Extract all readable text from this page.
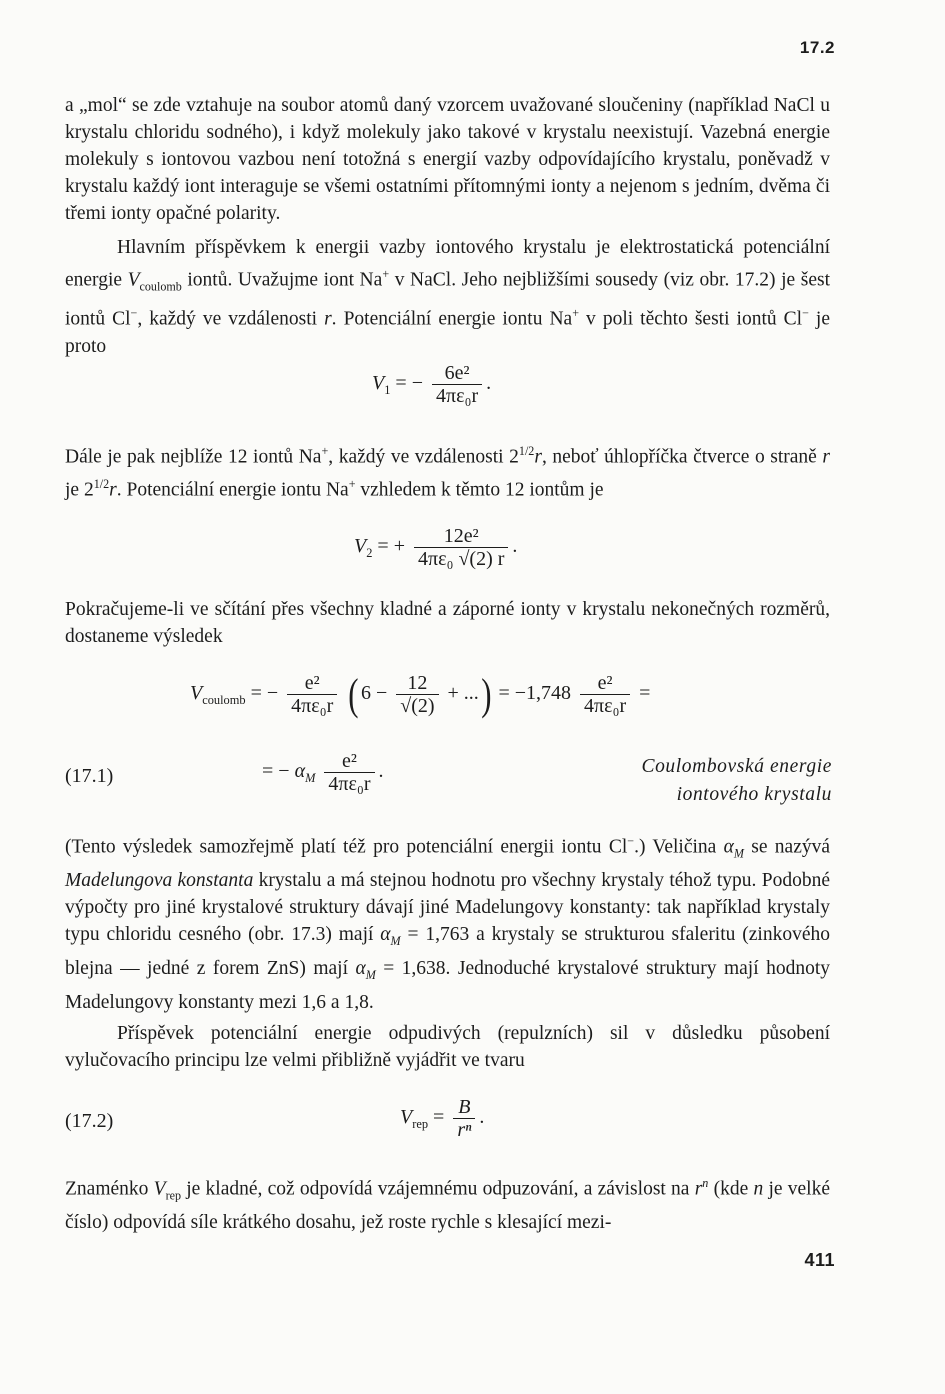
17.2
a „mol“ se zde vztahuje na soubor atomů daný vzorcem uvažované sloučeniny (například NaCl u krystalu chloridu sodného), i když molekuly jako takové v krystalu neexistují. Vazebná energie molekuly s iontovou vazbou není totožná s energií vazby odpovídajícího krystalu, poněvadž v krystalu každý iont interaguje se všemi ostatními přítomnými ionty a nejenom s jedním, dvěma či třemi ionty opačné polarity.
Hlavním příspěvkem k energii vazby iontového krystalu je elektrostatická potenciální energie $V_{coulomb}$ iontů. Uvažujme iont Na+ v NaCl. Jeho nejbližšími sousedy (viz obr. 17.2) je šest iontů Cl−, každý ve vzdálenosti r. Potenciální energie iontu Na+ v poli těchto šesti iontů Cl− je proto
$V_1$ = − $\frac{\text{6e²}}{\text{4πε₀r}}$ .
Dále je pak nejblíže 12 iontů Na+, každý ve vzdálenosti $2^{1/2}r$, neboť úhlopříčka čtverce o straně r je $2^{1/2}r$. Potenciální energie iontu Na+ vzhledem k těmto 12 iontům je
$V_2$ = + $\frac{\text{12e²}}{\text{4πε₀ √(2) r}}$ .
Pokračujeme-li ve sčítání přes všechny kladné a záporné ionty v krystalu nekonečných rozměrů, dostaneme výsledek
$V_{coulomb}$ = − $\frac{\text{e²}}{\text{4πε₀r}}$ ( $6 - \frac{12}{√(2)}$ + ...) = $-1,748 \frac{\text{e²}}{\text{4πε₀r}}$ =
(17.1)	= − $\alpha_M \frac{\text{e²}}{\text{4πε₀r}}$ .	Coulombovská energie
iontového krystalu
(Tento výsledek samozřejmě platí též pro potenciální energii iontu Cl−.) Veličina $\alpha_M$ se nazývá Madelungova konstanta krystalu a má stejnou hodnotu pro všechny krystaly téhož typu. Podobné výpočty pro jiné krystalové struktury dávají jiné Madelungovy konstanty: tak například krystaly typu chloridu cesného (obr. 17.3) mají $\alpha_M = 1,763$ a krystaly se strukturou sfaleritu (zinkového blejna — jedné z forem ZnS) mají $\alpha_M = 1,638$. Jednoduché krystalové struktury mají hodnoty Madelungovy konstanty mezi 1,6 a 1,8.
Příspěvek potenciální energie odpudivých (repulzních) sil v důsledku působení vylučovacího principu lze velmi přibližně vyjádřit ve tvaru
(17.2)	$V_{rep} = \frac{B}{\text{rⁿ}}$ .
Znaménko $V_{rep}$ je kladné, což odpovídá vzájemnému odpuzování, a závislost na $r^n$ (kde n je velké číslo) odpovídá síle krátkého dosahu, jež roste rychle s klesající mezi-
411
